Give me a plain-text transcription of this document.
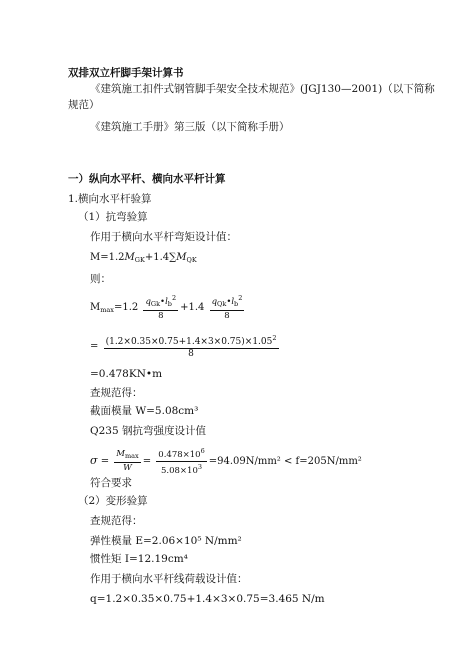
双排双立杆脚手架计算书
《建筑施工扣件式钢管脚手架安全技术规范》(JGJ130—2001)（以下简称
规范）
《建筑施工手册》第三版（以下简称手册）
一）纵向水平杆、横向水平杆计算
1.横向水平杆验算
（1）抗弯验算
作用于横向水平杆弯矩设计值：
$M=1.2M_{GK}+1.4\sum M_{QK}$
则：
$M_{max}=1.2 \frac{q_{Gk}•l_b^2}{8} +1.4 \frac{q_{Qk}•l_b^2}{8}$
= $\frac{(1.2\times 0.35\times 0.75+1.4\times 3\times 0.75)\times 1.05^2}{8}$
=0.478KN•m
查规范得：
截面模量 W=5.08cm³
Q235 钢抗弯强度设计值
$\sigma = \frac{M_{max}}{W} = \frac{0.478\times 10^6}{5.08\times 10^3} =94.09N/mm^2 < f=205N/mm^2$
符合要求
（2）变形验算
查规范得：
弹性模量 E=2.06×10⁵ N/mm²
惯性矩 I=12.19cm⁴
作用于横向水平杆线荷载设计值：
q=1.2×0.35×0.75+1.4×3×0.75=3.465 N/m
